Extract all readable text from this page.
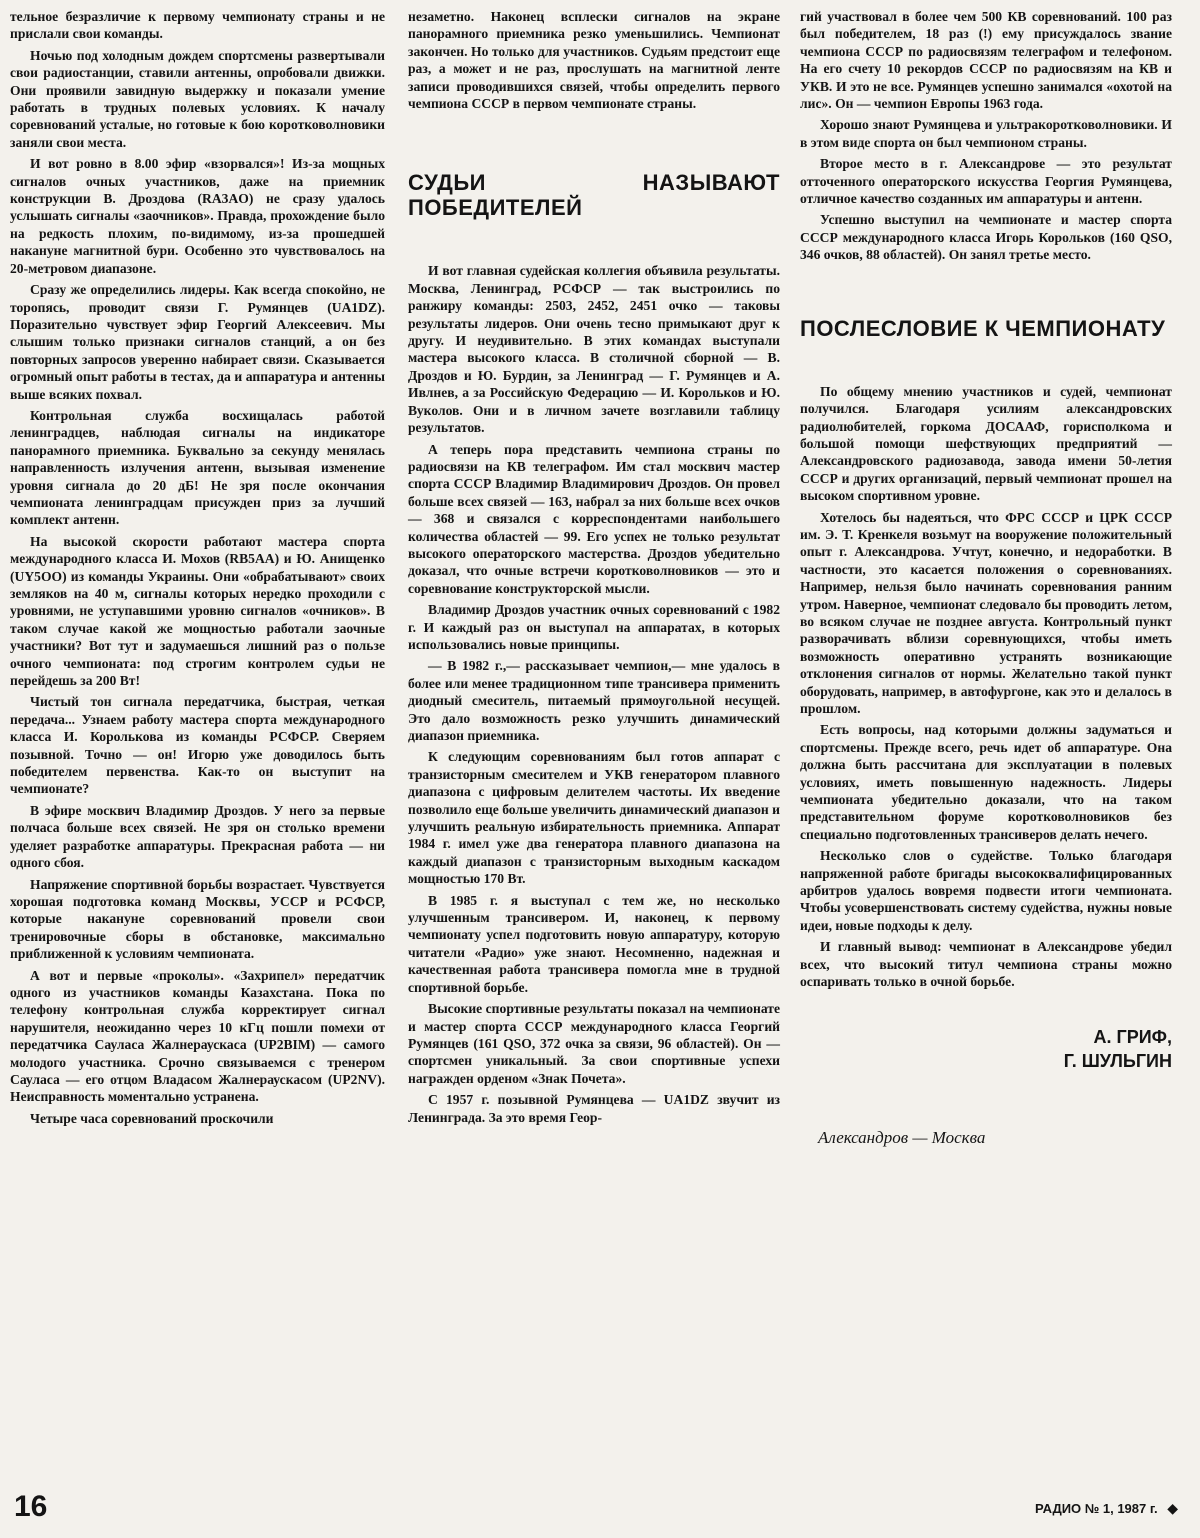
тельное безразличие к первому чемпионату страны и не прислали свои команды.

Ночью под холодным дождем спортсмены развертывали свои радиостанции, ставили антенны, опробовали движки. Они проявили завидную выдержку и показали умение работать в трудных полевых условиях. К началу соревнований усталые, но готовые к бою коротковолновики заняли свои места.

И вот ровно в 8.00 эфир «взорвался»! Из-за мощных сигналов очных участников, даже на приемник конструкции В. Дроздова (RA3AO) не сразу удалось услышать сигналы «заочников». Правда, прохождение было на редкость плохим, по-видимому, из-за прошедшей накануне магнитной бури. Особенно это чувствовалось на 20-метровом диапазоне.

Сразу же определились лидеры. Как всегда спокойно, не торопясь, проводит связи Г. Румянцев (UA1DZ). Поразительно чувствует эфир Георгий Алексеевич. Мы слышим только признаки сигналов станций, а он без повторных запросов уверенно набирает связи. Сказывается огромный опыт работы в тестах, да и аппаратура и антенны выше всяких похвал.

Контрольная служба восхищалась работой ленинградцев, наблюдая сигналы на индикаторе панорамного приемника. Буквально за секунду менялась направленность излучения антенн, вызывая изменение уровня сигнала до 20 дБ! Не зря после окончания чемпионата ленинградцам присужден приз за лучший комплект антенн.

На высокой скорости работают мастера спорта международного класса И. Мохов (RB5AA) и Ю. Анищенко (UY5OO) из команды Украины. Они «обрабатывают» своих земляков на 40 м, сигналы которых нередко проходили с уровнями, не уступавшими уровню сигналов «очников». В таком случае какой же мощностью работали заочные участники? Вот тут и задумаешься лишний раз о пользе очного чемпионата: под строгим контролем судьи не перейдешь за 200 Вт!

Чистый тон сигнала передатчика, быстрая, четкая передача... Узнаем работу мастера спорта международного класса И. Королькова из команды РСФСР. Сверяем позывной. Точно — он! Игорю уже доводилось быть победителем первенства. Как-то он выступит на чемпионате?

В эфире москвич Владимир Дроздов. У него за первые полчаса больше всех связей. Не зря он столько времени уделяет разработке аппаратуры. Прекрасная работа — ни одного сбоя.

Напряжение спортивной борьбы возрастает. Чувствуется хорошая подготовка команд Москвы, УССР и РСФСР, которые накануне соревнований провели свои тренировочные сборы в обстановке, максимально приближенной к условиям чемпионата.

А вот и первые «проколы». «Захрипел» передатчик одного из участников команды Казахстана. Пока по телефону контрольная служба корректирует сигнал нарушителя, неожиданно через 10 кГц пошли помехи от передатчика Сауласа Жалнераускаса (UP2BIM) — самого молодого участника. Срочно связываемся с тренером Сауласа — его отцом Владасом Жалнераускасом (UP2NV). Неисправность моментально устранена.

Четыре часа соревнований проскочили

незаметно. Наконец всплески сигналов на экране панорамного приемника резко уменьшились. Чемпионат закончен. Но только для участников. Судьям предстоит еще раз, а может и не раз, прослушать на магнитной ленте записи проводившихся связей, чтобы определить первого чемпиона СССР в первом чемпионате страны.

СУДЬИ НАЗЫВАЮТ ПОБЕДИТЕЛЕЙ

И вот главная судейская коллегия объявила результаты. Москва, Ленинград, РСФСР — так выстроились по ранжиру команды: 2503, 2452, 2451 очко — таковы результаты лидеров. Они очень тесно примыкают друг к другу. И неудивительно. В этих командах выступали мастера высокого класса. В столичной сборной — В. Дроздов и Ю. Бурдин, за Ленинград — Г. Румянцев и А. Ивлнев, а за Российскую Федерацию — И. Корольков и Ю. Вуколов. Они и в личном зачете возглавили таблицу результатов.

А теперь пора представить чемпиона страны по радиосвязи на КВ телеграфом. Им стал москвич мастер спорта СССР Владимир Владимирович Дроздов. Он провел больше всех связей — 163, набрал за них больше всех очков — 368 и связался с корреспондентами наибольшего количества областей — 99. Его успех не только результат высокого операторского мастерства. Дроздов убедительно доказал, что очные встречи коротковолновиков — это и соревнование конструкторской мысли.

Владимир Дроздов участник очных соревнований с 1982 г. И каждый раз он выступал на аппаратах, в которых использовались новые принципы.

— В 1982 г.,— рассказывает чемпион,— мне удалось в более или менее традиционном типе трансивера применить диодный смеситель, питаемый прямоугольной несущей. Это дало возможность резко улучшить динамический диапазон приемника.

К следующим соревнованиям был готов аппарат с транзисторным смесителем и УКВ генератором плавного диапазона с цифровым делителем частоты. Их введение позволило еще больше увеличить динамический диапазон и улучшить реальную избирательность приемника. Аппарат 1984 г. имел уже два генератора плавного диапазона на каждый диапазон с транзисторным выходным каскадом мощностью 170 Вт.

В 1985 г. я выступал с тем же, но несколько улучшенным трансивером. И, наконец, к первому чемпионату успел подготовить новую аппаратуру, которую читатели «Радио» уже знают. Несомненно, надежная и качественная работа трансивера помогла мне в трудной спортивной борьбе.

Высокие спортивные результаты показал на чемпионате и мастер спорта СССР международного класса Георгий Румянцев (161 QSO, 372 очка за связи, 96 областей). Он — спортсмен уникальный. За свои спортивные успехи награжден орденом «Знак Почета».

С 1957 г. позывной Румянцева — UA1DZ звучит из Ленинграда. За это время Геор-

гий участвовал в более чем 500 КВ соревнований. 100 раз был победителем, 18 раз (!) ему присуждалось звание чемпиона СССР по радиосвязям телеграфом и телефоном. На его счету 10 рекордов СССР по радиосвязям на КВ и УКВ. И это не все. Румянцев успешно занимался «охотой на лис». Он — чемпион Европы 1963 года.

Хорошо знают Румянцева и ультракоротковолновики. И в этом виде спорта он был чемпионом страны.

Второе место в г. Александрове — это результат отточенного операторского искусства Георгия Румянцева, отличное качество созданных им аппаратуры и антенн.

Успешно выступил на чемпионате и мастер спорта СССР международного класса Игорь Корольков (160 QSO, 346 очков, 88 областей). Он занял третье место.

ПОСЛЕСЛОВИЕ К ЧЕМПИОНАТУ

По общему мнению участников и судей, чемпионат получился. Благодаря усилиям александровских радиолюбителей, горкома ДОСААФ, горисполкома и большой помощи шефствующих предприятий — Александровского радиозавода, завода имени 50-летия СССР и других организаций, первый чемпионат прошел на высоком спортивном уровне.

Хотелось бы надеяться, что ФРС СССР и ЦРК СССР им. Э. Т. Кренкеля возьмут на вооружение положительный опыт г. Александрова. Учтут, конечно, и недоработки. В частности, это касается положения о соревнованиях. Например, нельзя было начинать соревнования ранним утром. Наверное, чемпионат следовало бы проводить летом, во всяком случае не позднее августа. Контрольный пункт разворачивать вблизи соревнующихся, чтобы иметь возможность оперативно устранять возникающие отклонения сигналов от нормы. Желательно такой пункт оборудовать, например, в автофургоне, как это и делалось в прошлом.

Есть вопросы, над которыми должны задуматься и спортсмены. Прежде всего, речь идет об аппаратуре. Она должна быть рассчитана для эксплуатации в полевых условиях, иметь повышенную надежность. Лидеры чемпионата убедительно доказали, что на таком представительном форуме коротковолновиков без специально подготовленных трансиверов делать нечего.

Несколько слов о судействе. Только благодаря напряженной работе бригады высококвалифицированных арбитров удалось вовремя подвести итоги чемпионата. Чтобы усовершенствовать систему судейства, нужны новые идеи, новые подходы к делу.

И главный вывод: чемпионат в Александрове убедил всех, что высокий титул чемпиона страны можно оспаривать только в очной борьбе.

А. ГРИФ,
Г. ШУЛЬГИН
Александров — Москва
16	РАДИО № 1, 1987 г. ◆
